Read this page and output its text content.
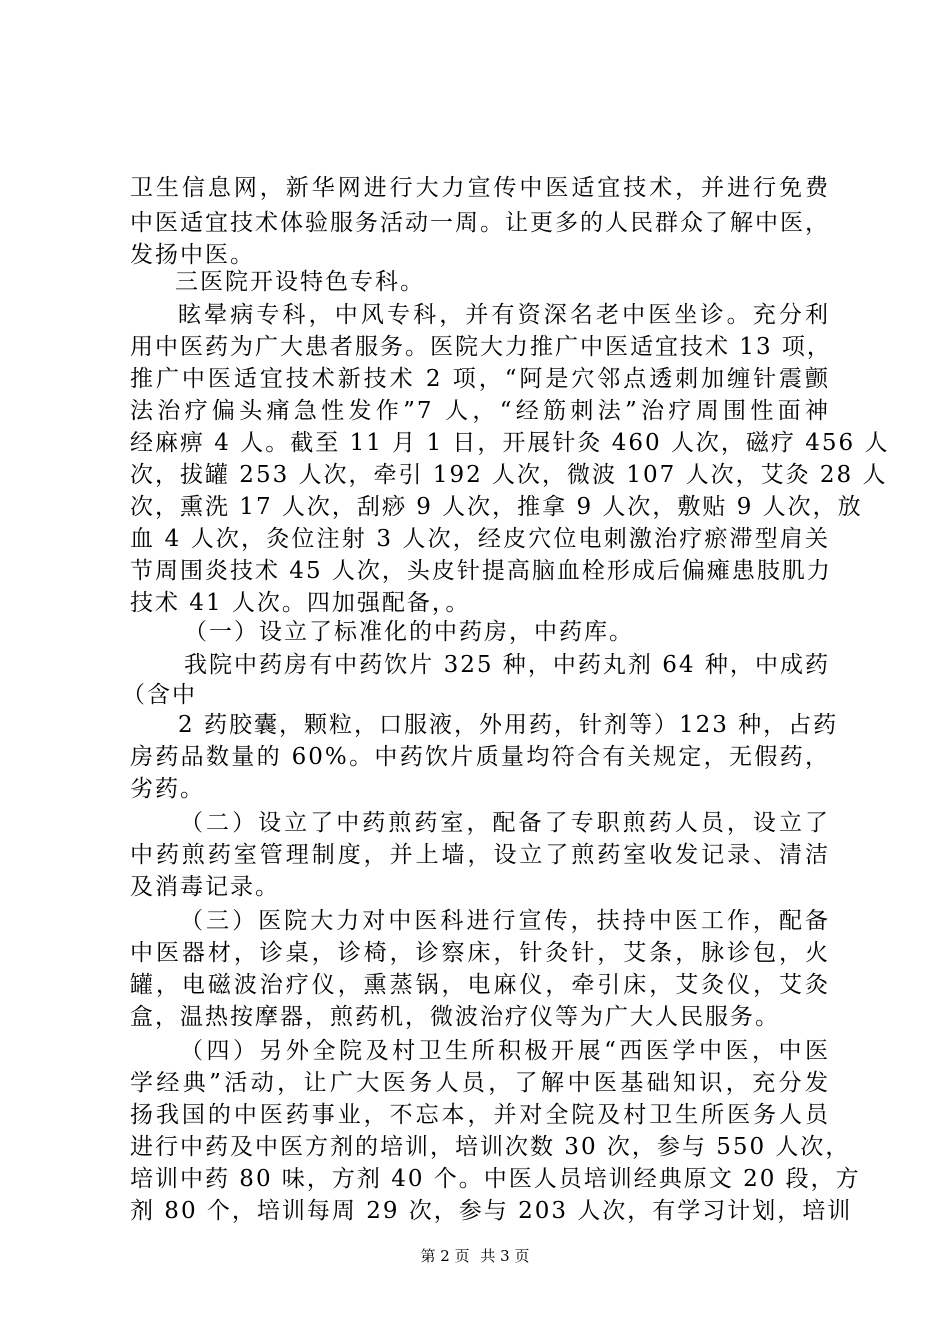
卫生信息网，新华网进行大力宣传中医适宜技术，并进行免费
中医适宜技术体验服务活动一周。让更多的人民群众了解中医，
发扬中医。
三医院开设特色专科。
眩晕病专科，中风专科，并有资深名老中医坐诊。充分利
用中医药为广大患者服务。医院大力推广中医适宜技术 13 项，
推广中医适宜技术新技术 2 项，“阿是穴邻点透刺加缠针震颤
法治疗偏头痛急性发作”7 人，“经筋刺法”治疗周围性面神
经麻痹 4 人。截至 11 月 1 日，开展针灸 460 人次，磁疗 456 人
次，拔罐 253 人次，牵引 192 人次，微波 107 人次，艾灸 28 人
次，熏洗 17 人次，刮痧 9 人次，推拿 9 人次，敷贴 9 人次，放
血 4 人次，灸位注射 3 人次，经皮穴位电刺激治疗瘀滞型肩关
节周围炎技术 45 人次，头皮针提高脑血栓形成后偏瘫患肢肌力
技术 41 人次。四加强配备，。
（一）设立了标准化的中药房，中药库。
我院中药房有中药饮片 325 种，中药丸剂 64 种，中成药
（含中
2 药胶囊，颗粒，口服液，外用药，针剂等）123 种，占药
房药品数量的 60%。中药饮片质量均符合有关规定，无假药，
劣药。
（二）设立了中药煎药室，配备了专职煎药人员，设立了
中药煎药室管理制度，并上墙，设立了煎药室收发记录、清洁
及消毒记录。
（三）医院大力对中医科进行宣传，扶持中医工作，配备
中医器材，诊桌，诊椅，诊察床，针灸针，艾条，脉诊包，火
罐，电磁波治疗仪，熏蒸锅，电麻仪，牵引床，艾灸仪，艾灸
盒，温热按摩器，煎药机，微波治疗仪等为广大人民服务。
（四）另外全院及村卫生所积极开展“西医学中医，中医
学经典”活动，让广大医务人员，了解中医基础知识，充分发
扬我国的中医药事业，不忘本，并对全院及村卫生所医务人员
进行中药及中医方剂的培训，培训次数 30 次，参与 550 人次，
培训中药 80 味，方剂 40 个。中医人员培训经典原文 20 段，方
剂 80 个，培训每周 29 次，参与 203 人次，有学习计划，培训
第 2 页 共 3 页
